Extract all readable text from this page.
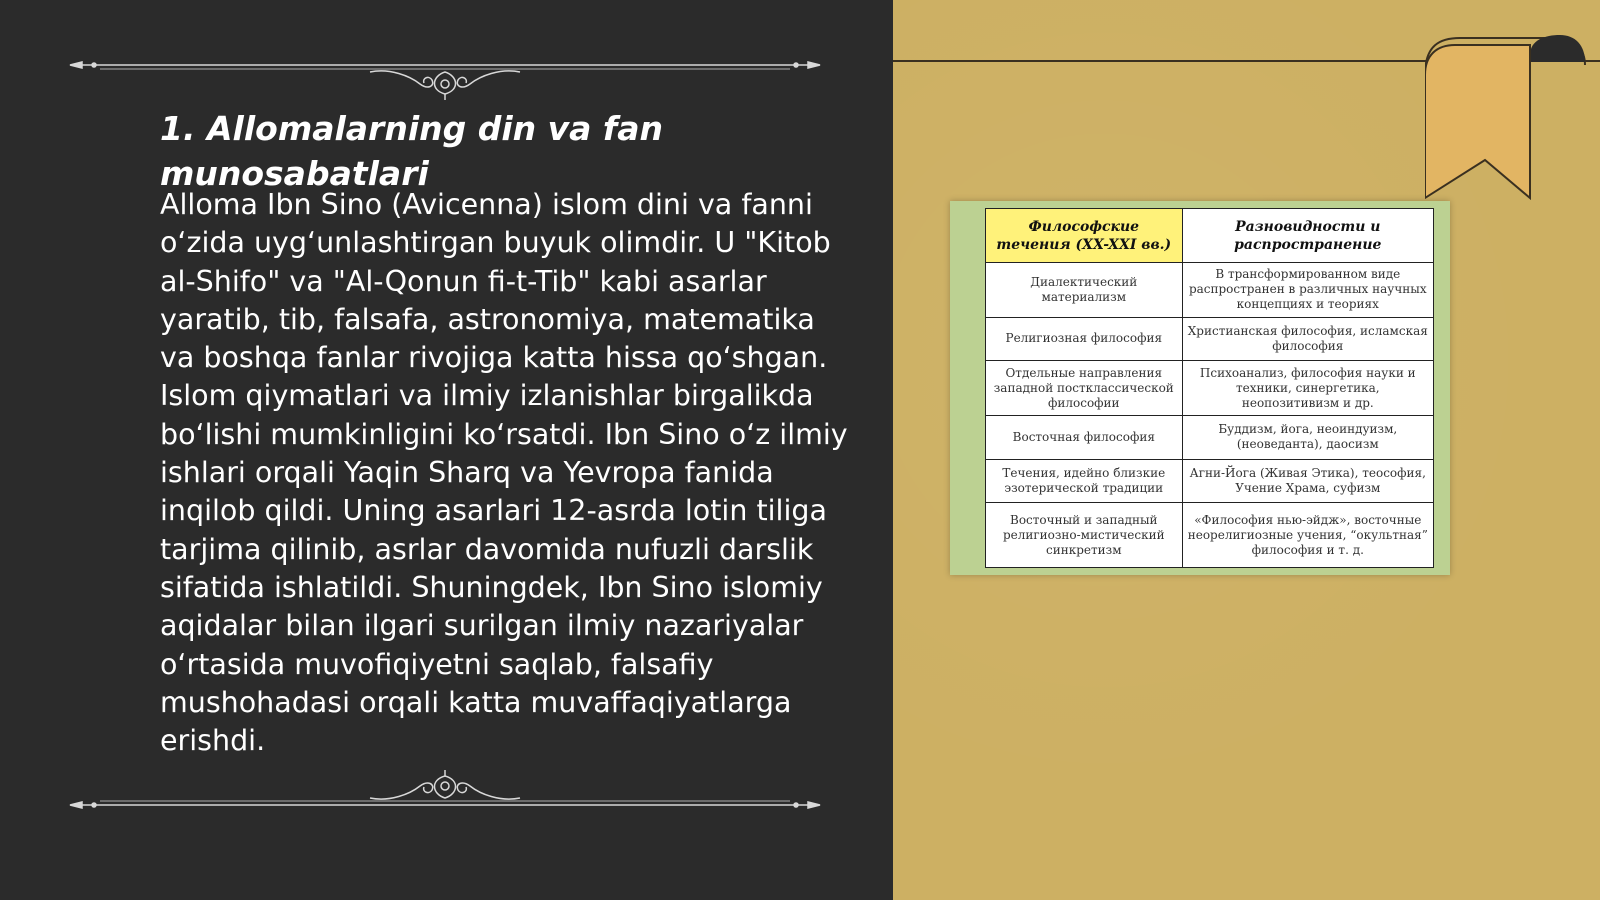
1. Allomalarning din va fan munosabatlari

Alloma Ibn Sino (Avicenna) islom dini va fanni oʻzida uygʻunlashtirgan buyuk olimdir. U "Kitob al-Shifo" va "Al-Qonun fi-t-Tib" kabi asarlar yaratib, tib, falsafa, astronomiya, matematika va boshqa fanlar rivojiga katta hissa qoʻshgan. Islom qiymatlari va ilmiy izlanishlar birgalikda boʻlishi mumkinligini koʻrsatdi. Ibn Sino oʻz ilmiy ishlari orqali Yaqin Sharq va Yevropa fanida inqilob qildi. Uning asarlari 12-asrda lotin tiliga tarjima qilinib, asrlar davomida nufuzli darslik sifatida ishlatildi. Shuningdek, Ibn Sino islomiy aqidalar bilan ilgari surilgan ilmiy nazariyalar oʻrtasida muvofiqiyetni saqlab, falsafiy mushohadasi orqali katta muvaffaqiyatlarga erishdi.

Философские течения (XX-XXI вв.)	Разновидности и распространение
Диалектический материализм	В трансформированном виде распространен в различных научных концепциях и теориях
Религиозная философия	Христианская философия, исламская философия
Отдельные направления западной постклассической философии	Психоанализ, философия науки и техники, синергетика, неопозитивизм и др.
Восточная философия	Буддизм, йога, неоиндуизм, (неоведанта), даосизм
Течения, идейно близкие эзотерической традиции	Агни-Йога (Живая Этика), теософия, Учение Храма, суфизм
Восточный и западный религиозно-мистический синкретизм	«Философия нью-эйдж», восточные неорелигиозные учения, “окультная” философия и т. д.
